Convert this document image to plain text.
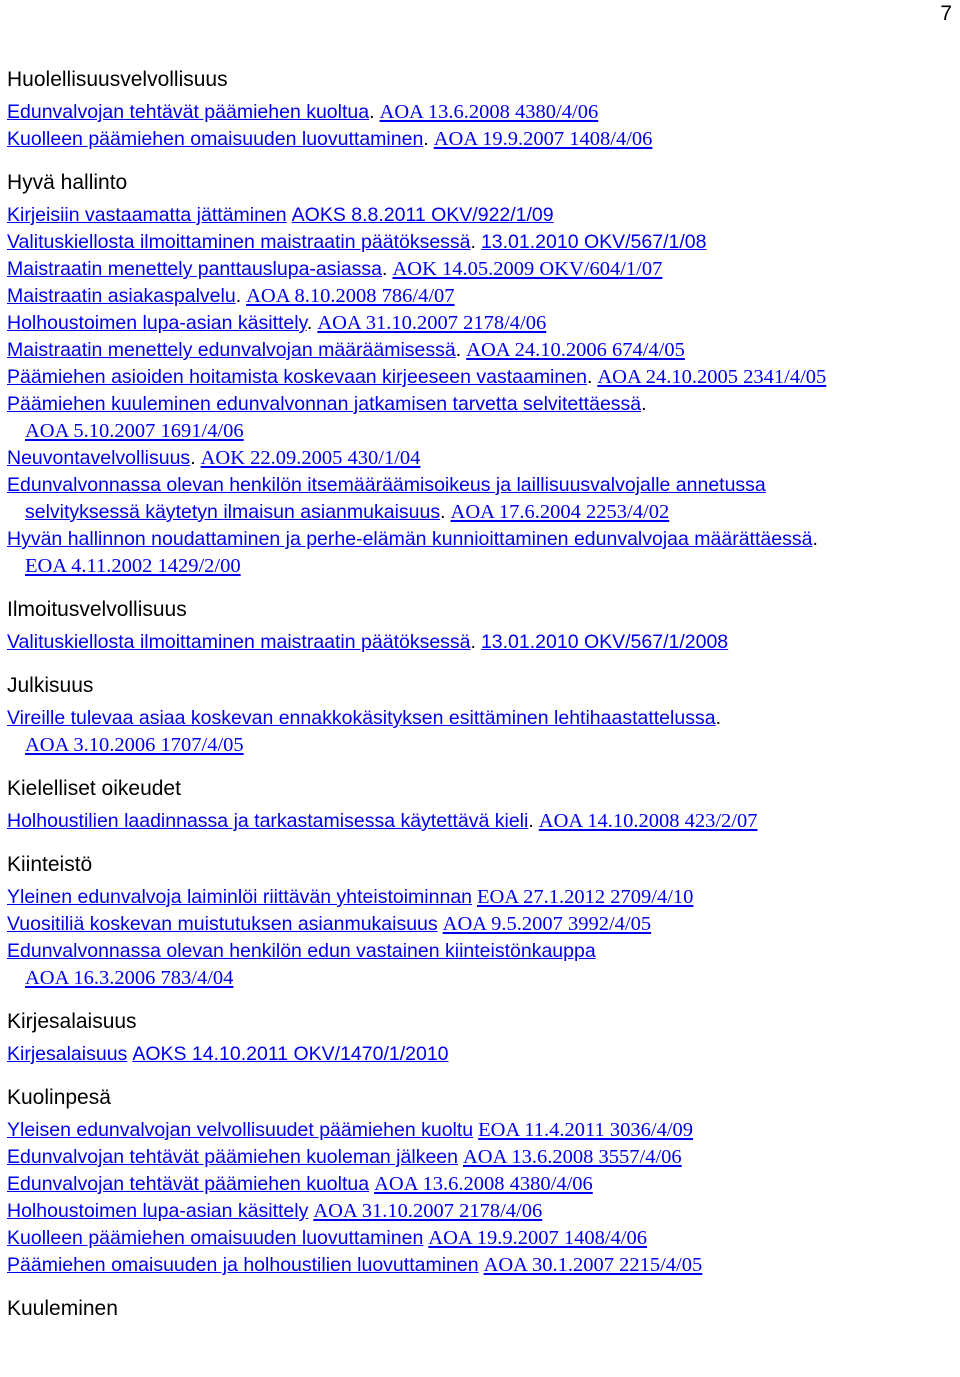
7
Huolellisuusvelvollisuus
Edunvalvojan tehtävät päämiehen kuoltua. AOA 13.6.2008 4380/4/06
Kuolleen päämiehen omaisuuden luovuttaminen. AOA 19.9.2007 1408/4/06
Hyvä hallinto
Kirjeisiin vastaamatta jättäminen AOKS 8.8.2011 OKV/922/1/09
Valituskiellosta ilmoittaminen maistraatin päätöksessä. 13.01.2010 OKV/567/1/08
Maistraatin menettely panttauslupa-asiassa. AOK 14.05.2009 OKV/604/1/07
Maistraatin asiakaspalvelu. AOA 8.10.2008 786/4/07
Holhoustoimen lupa-asian käsittely. AOA 31.10.2007 2178/4/06
Maistraatin menettely edunvalvojan määräämisessä. AOA 24.10.2006 674/4/05
Päämiehen asioiden hoitamista koskevaan kirjeeseen vastaaminen. AOA 24.10.2005 2341/4/05
Päämiehen kuuleminen edunvalvonnan jatkamisen tarvetta selvitettäessä.
AOA 5.10.2007 1691/4/06
Neuvontavelvollisuus. AOK 22.09.2005 430/1/04
Edunvalvonnassa olevan henkilön itsemääräämisoikeus ja laillisuusvalvojalle annetussa
selvityksessä käytetyn ilmaisun asianmukaisuus. AOA 17.6.2004 2253/4/02
Hyvän hallinnon noudattaminen ja perhe-elämän kunnioittaminen edunvalvojaa määrättäessä.
EOA 4.11.2002 1429/2/00
Ilmoitusvelvollisuus
Valituskiellosta ilmoittaminen maistraatin päätöksessä. 13.01.2010 OKV/567/1/2008
Julkisuus
Vireille tulevaa asiaa koskevan ennakkokäsityksen esittäminen lehtihaastattelussa.
AOA 3.10.2006 1707/4/05
Kielelliset oikeudet
Holhoustilien laadinnassa ja tarkastamisessa käytettävä kieli. AOA 14.10.2008 423/2/07
Kiinteistö
Yleinen edunvalvoja laiminlöi riittävän yhteistoiminnan EOA 27.1.2012 2709/4/10
Vuositiliä koskevan muistutuksen asianmukaisuus AOA 9.5.2007 3992/4/05
Edunvalvonnassa olevan henkilön edun vastainen kiinteistönkauppa
AOA 16.3.2006 783/4/04
Kirjesalaisuus
Kirjesalaisuus AOKS 14.10.2011 OKV/1470/1/2010
Kuolinpesä
Yleisen edunvalvojan velvollisuudet päämiehen kuoltu EOA 11.4.2011 3036/4/09
Edunvalvojan tehtävät päämiehen kuoleman jälkeen AOA 13.6.2008 3557/4/06
Edunvalvojan tehtävät päämiehen kuoltua AOA 13.6.2008 4380/4/06
Holhoustoimen lupa-asian käsittely AOA 31.10.2007 2178/4/06
Kuolleen päämiehen omaisuuden luovuttaminen AOA 19.9.2007 1408/4/06
Päämiehen omaisuuden ja holhoustilien luovuttaminen AOA 30.1.2007 2215/4/05
Kuuleminen
